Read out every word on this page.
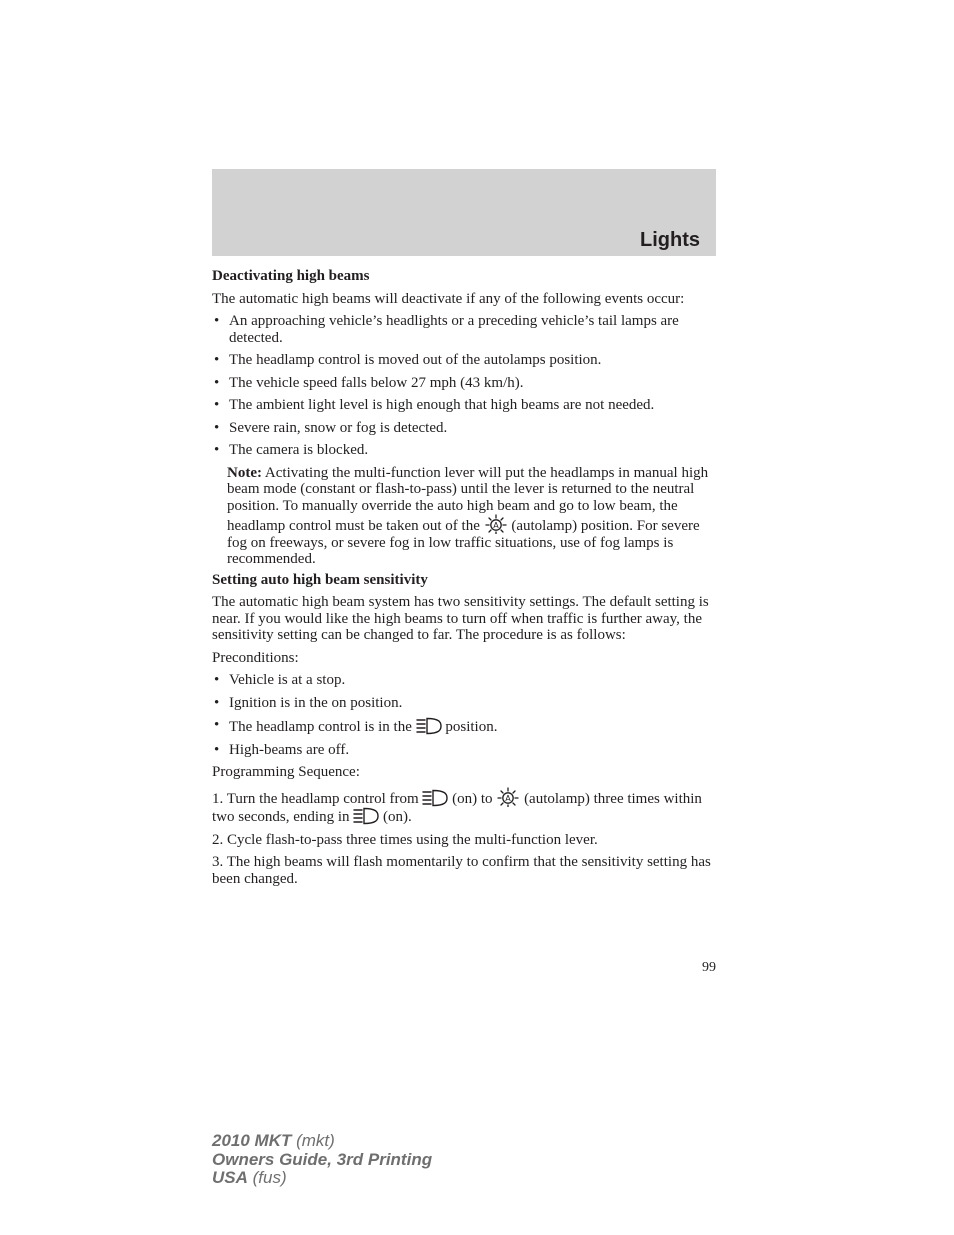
Lights

Deactivating high beams

The automatic high beams will deactivate if any of the following events occur:

• An approaching vehicle’s headlights or a preceding vehicle’s tail lamps are detected.
• The headlamp control is moved out of the autolamps position.
• The vehicle speed falls below 27 mph (43 km/h).
• The ambient light level is high enough that high beams are not needed.
• Severe rain, snow or fog is detected.
• The camera is blocked.

Note: Activating the multi-function lever will put the headlamps in manual high beam mode (constant or flash-to-pass) until the lever is returned to the neutral position. To manually override the auto high beam and go to low beam, the headlamp control must be taken out of the  (autolamp) position. For severe fog on freeways, or severe fog in low traffic situations, use of fog lamps is recommended.

Setting auto high beam sensitivity

The automatic high beam system has two sensitivity settings. The default setting is near. If you would like the high beams to turn off when traffic is further away, the sensitivity setting can be changed to far. The procedure is as follows:

Preconditions:

• Vehicle is at a stop.
• Ignition is in the on position.
• The headlamp control is in the  position.
• High-beams are off.

Programming Sequence:

1. Turn the headlamp control from  (on) to  (autolamp) three times within two seconds, ending in  (on).

2. Cycle flash-to-pass three times using the multi-function lever.

3. The high beams will flash momentarily to confirm that the sensitivity setting has been changed.

99
2010 MKT (mkt)
Owners Guide, 3rd Printing
USA (fus)
